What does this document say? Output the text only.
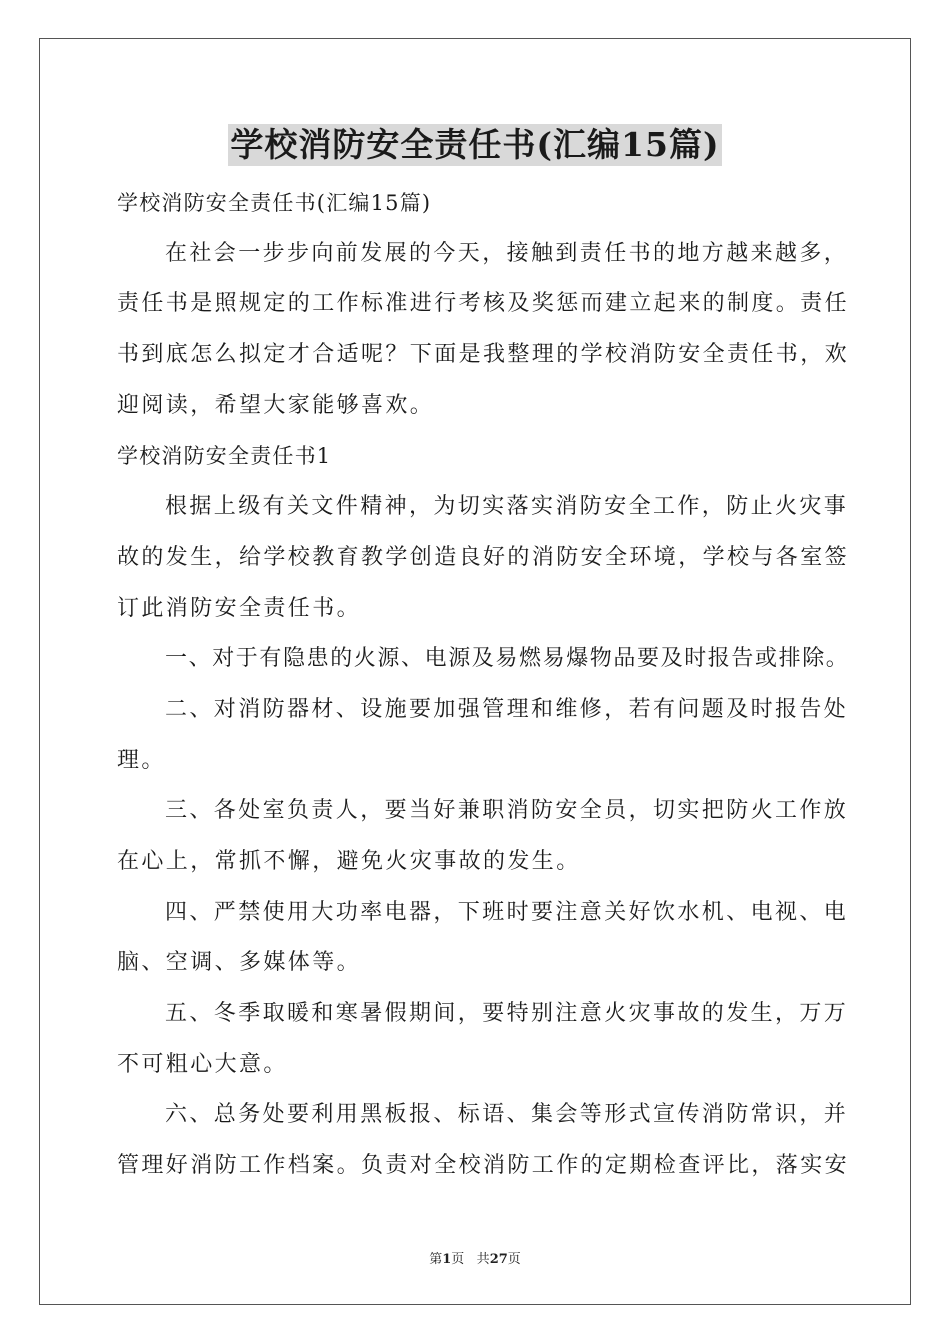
学校消防安全责任书(汇编15篇)
学校消防安全责任书(汇编15篇)
在社会一步步向前发展的今天，接触到责任书的地方越来越多，
责任书是照规定的工作标准进行考核及奖惩而建立起来的制度。责任
书到底怎么拟定才合适呢？下面是我整理的学校消防安全责任书，欢
迎阅读，希望大家能够喜欢。
学校消防安全责任书1
根据上级有关文件精神，为切实落实消防安全工作，防止火灾事
故的发生，给学校教育教学创造良好的消防安全环境，学校与各室签
订此消防安全责任书。
一、对于有隐患的火源、电源及易燃易爆物品要及时报告或排除。
二、对消防器材、设施要加强管理和维修，若有问题及时报告处
理。
三、各处室负责人，要当好兼职消防安全员，切实把防火工作放
在心上，常抓不懈，避免火灾事故的发生。
四、严禁使用大功率电器，下班时要注意关好饮水机、电视、电
脑、空调、多媒体等。
五、冬季取暖和寒暑假期间，要特别注意火灾事故的发生，万万
不可粗心大意。
六、总务处要利用黑板报、标语、集会等形式宣传消防常识，并
管理好消防工作档案。负责对全校消防工作的定期检查评比，落实安
第1页 共27页
